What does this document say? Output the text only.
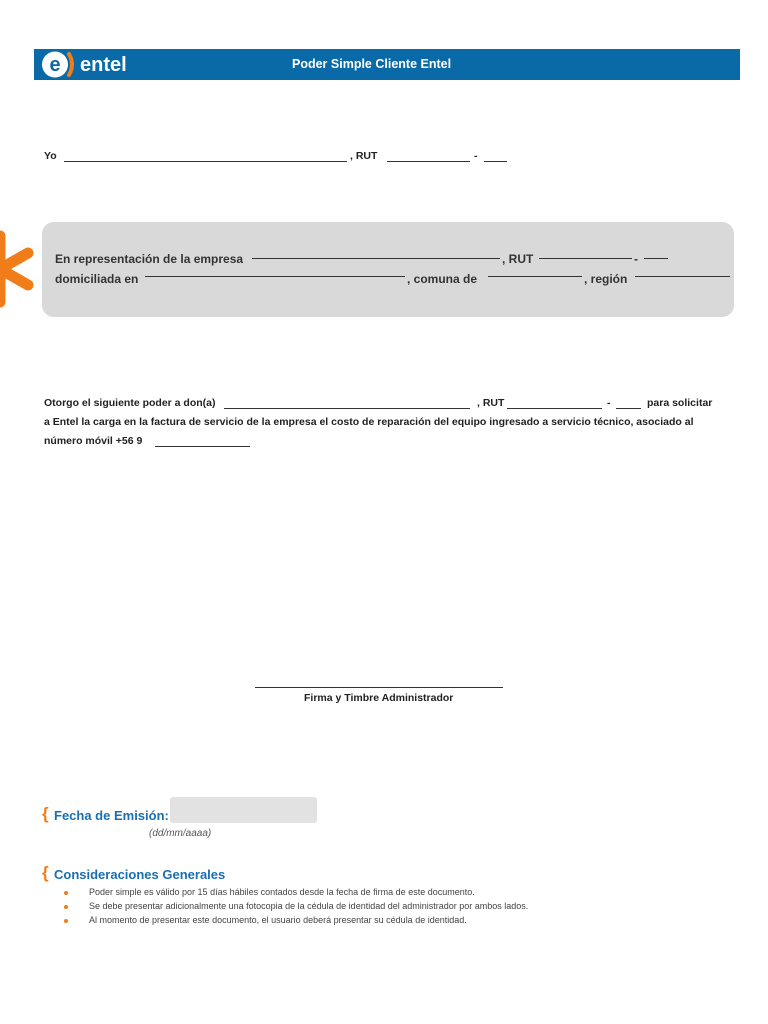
e entel	Poder Simple Cliente Entel
Yo	, RUT	-
En representación de la empresa	, RUT	-
domiciliada en	, comuna de	, región
Otorgo el siguiente poder a don(a)	, RUT	-	para solicitar
a Entel la carga en la factura de servicio de la empresa el costo de reparación del equipo ingresado a servicio técnico, asociado al
número móvil +56 9
Firma y Timbre Administrador
{ Fecha de Emisión:
(dd/mm/aaaa)
{ Consideraciones Generales
Poder simple es válido por 15 días hábiles contados desde la fecha de firma de este documento.
Se debe presentar adicionalmente una fotocopia de la cédula de identidad del administrador por ambos lados.
Al momento de presentar este documento, el usuario deberá presentar su cédula de identidad.
